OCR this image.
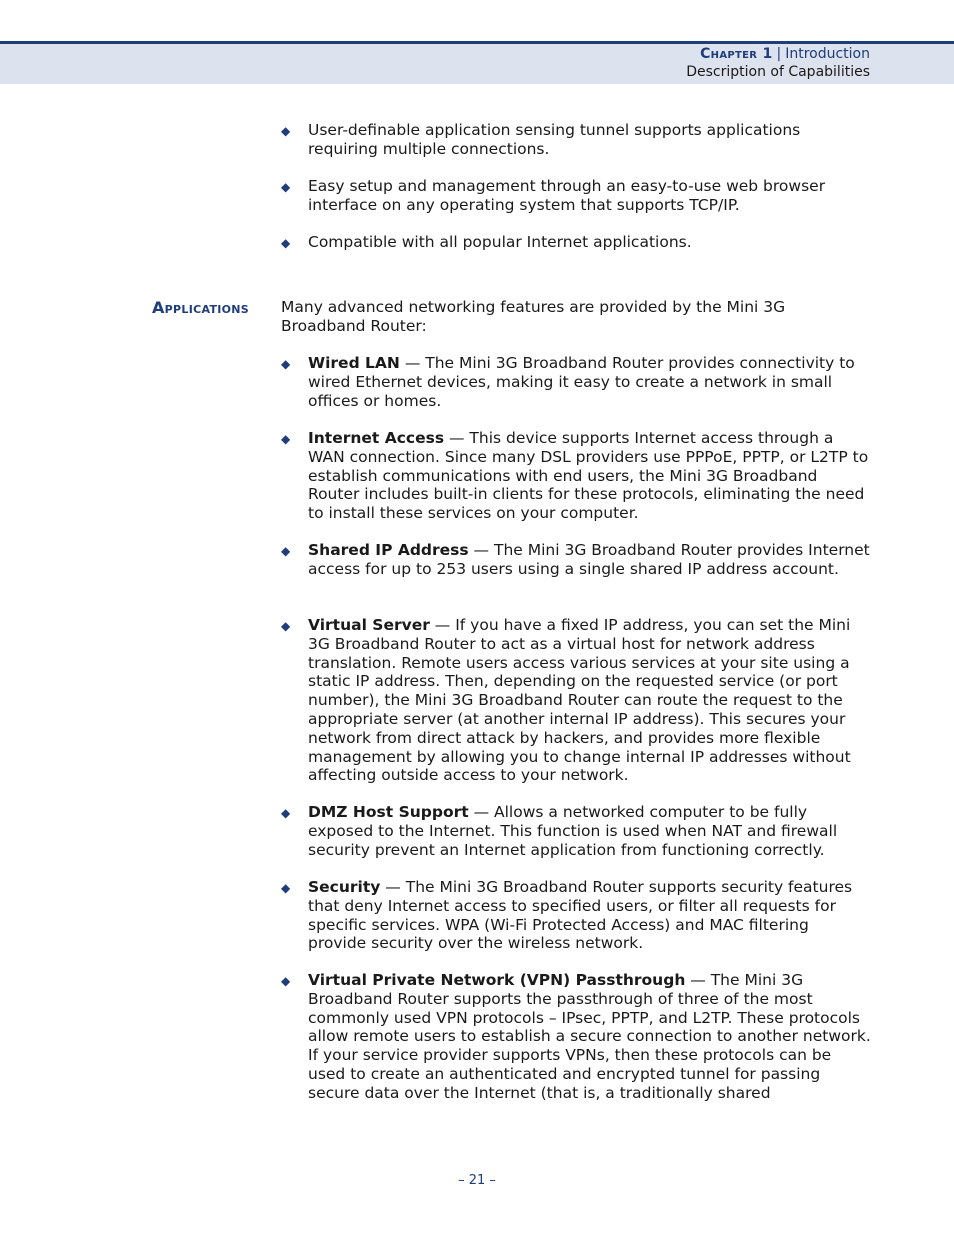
Chapter 1 | Introduction
Description of Capabilities
◆ User-definable application sensing tunnel supports applications requiring multiple connections.
◆ Easy setup and management through an easy-to-use web browser interface on any operating system that supports TCP/IP.
◆ Compatible with all popular Internet applications.
Applications Many advanced networking features are provided by the Mini 3G Broadband Router:
◆ Wired LAN — The Mini 3G Broadband Router provides connectivity to wired Ethernet devices, making it easy to create a network in small offices or homes.
◆ Internet Access — This device supports Internet access through a WAN connection. Since many DSL providers use PPPoE, PPTP, or L2TP to establish communications with end users, the Mini 3G Broadband Router includes built-in clients for these protocols, eliminating the need to install these services on your computer.
◆ Shared IP Address — The Mini 3G Broadband Router provides Internet access for up to 253 users using a single shared IP address account.
◆ Virtual Server — If you have a fixed IP address, you can set the Mini 3G Broadband Router to act as a virtual host for network address translation. Remote users access various services at your site using a static IP address. Then, depending on the requested service (or port number), the Mini 3G Broadband Router can route the request to the appropriate server (at another internal IP address). This secures your network from direct attack by hackers, and provides more flexible management by allowing you to change internal IP addresses without affecting outside access to your network.
◆ DMZ Host Support — Allows a networked computer to be fully exposed to the Internet. This function is used when NAT and firewall security prevent an Internet application from functioning correctly.
◆ Security — The Mini 3G Broadband Router supports security features that deny Internet access to specified users, or filter all requests for specific services. WPA (Wi-Fi Protected Access) and MAC filtering provide security over the wireless network.
◆ Virtual Private Network (VPN) Passthrough — The Mini 3G Broadband Router supports the passthrough of three of the most commonly used VPN protocols – IPsec, PPTP, and L2TP. These protocols allow remote users to establish a secure connection to another network. If your service provider supports VPNs, then these protocols can be used to create an authenticated and encrypted tunnel for passing secure data over the Internet (that is, a traditionally shared
– 21 –
